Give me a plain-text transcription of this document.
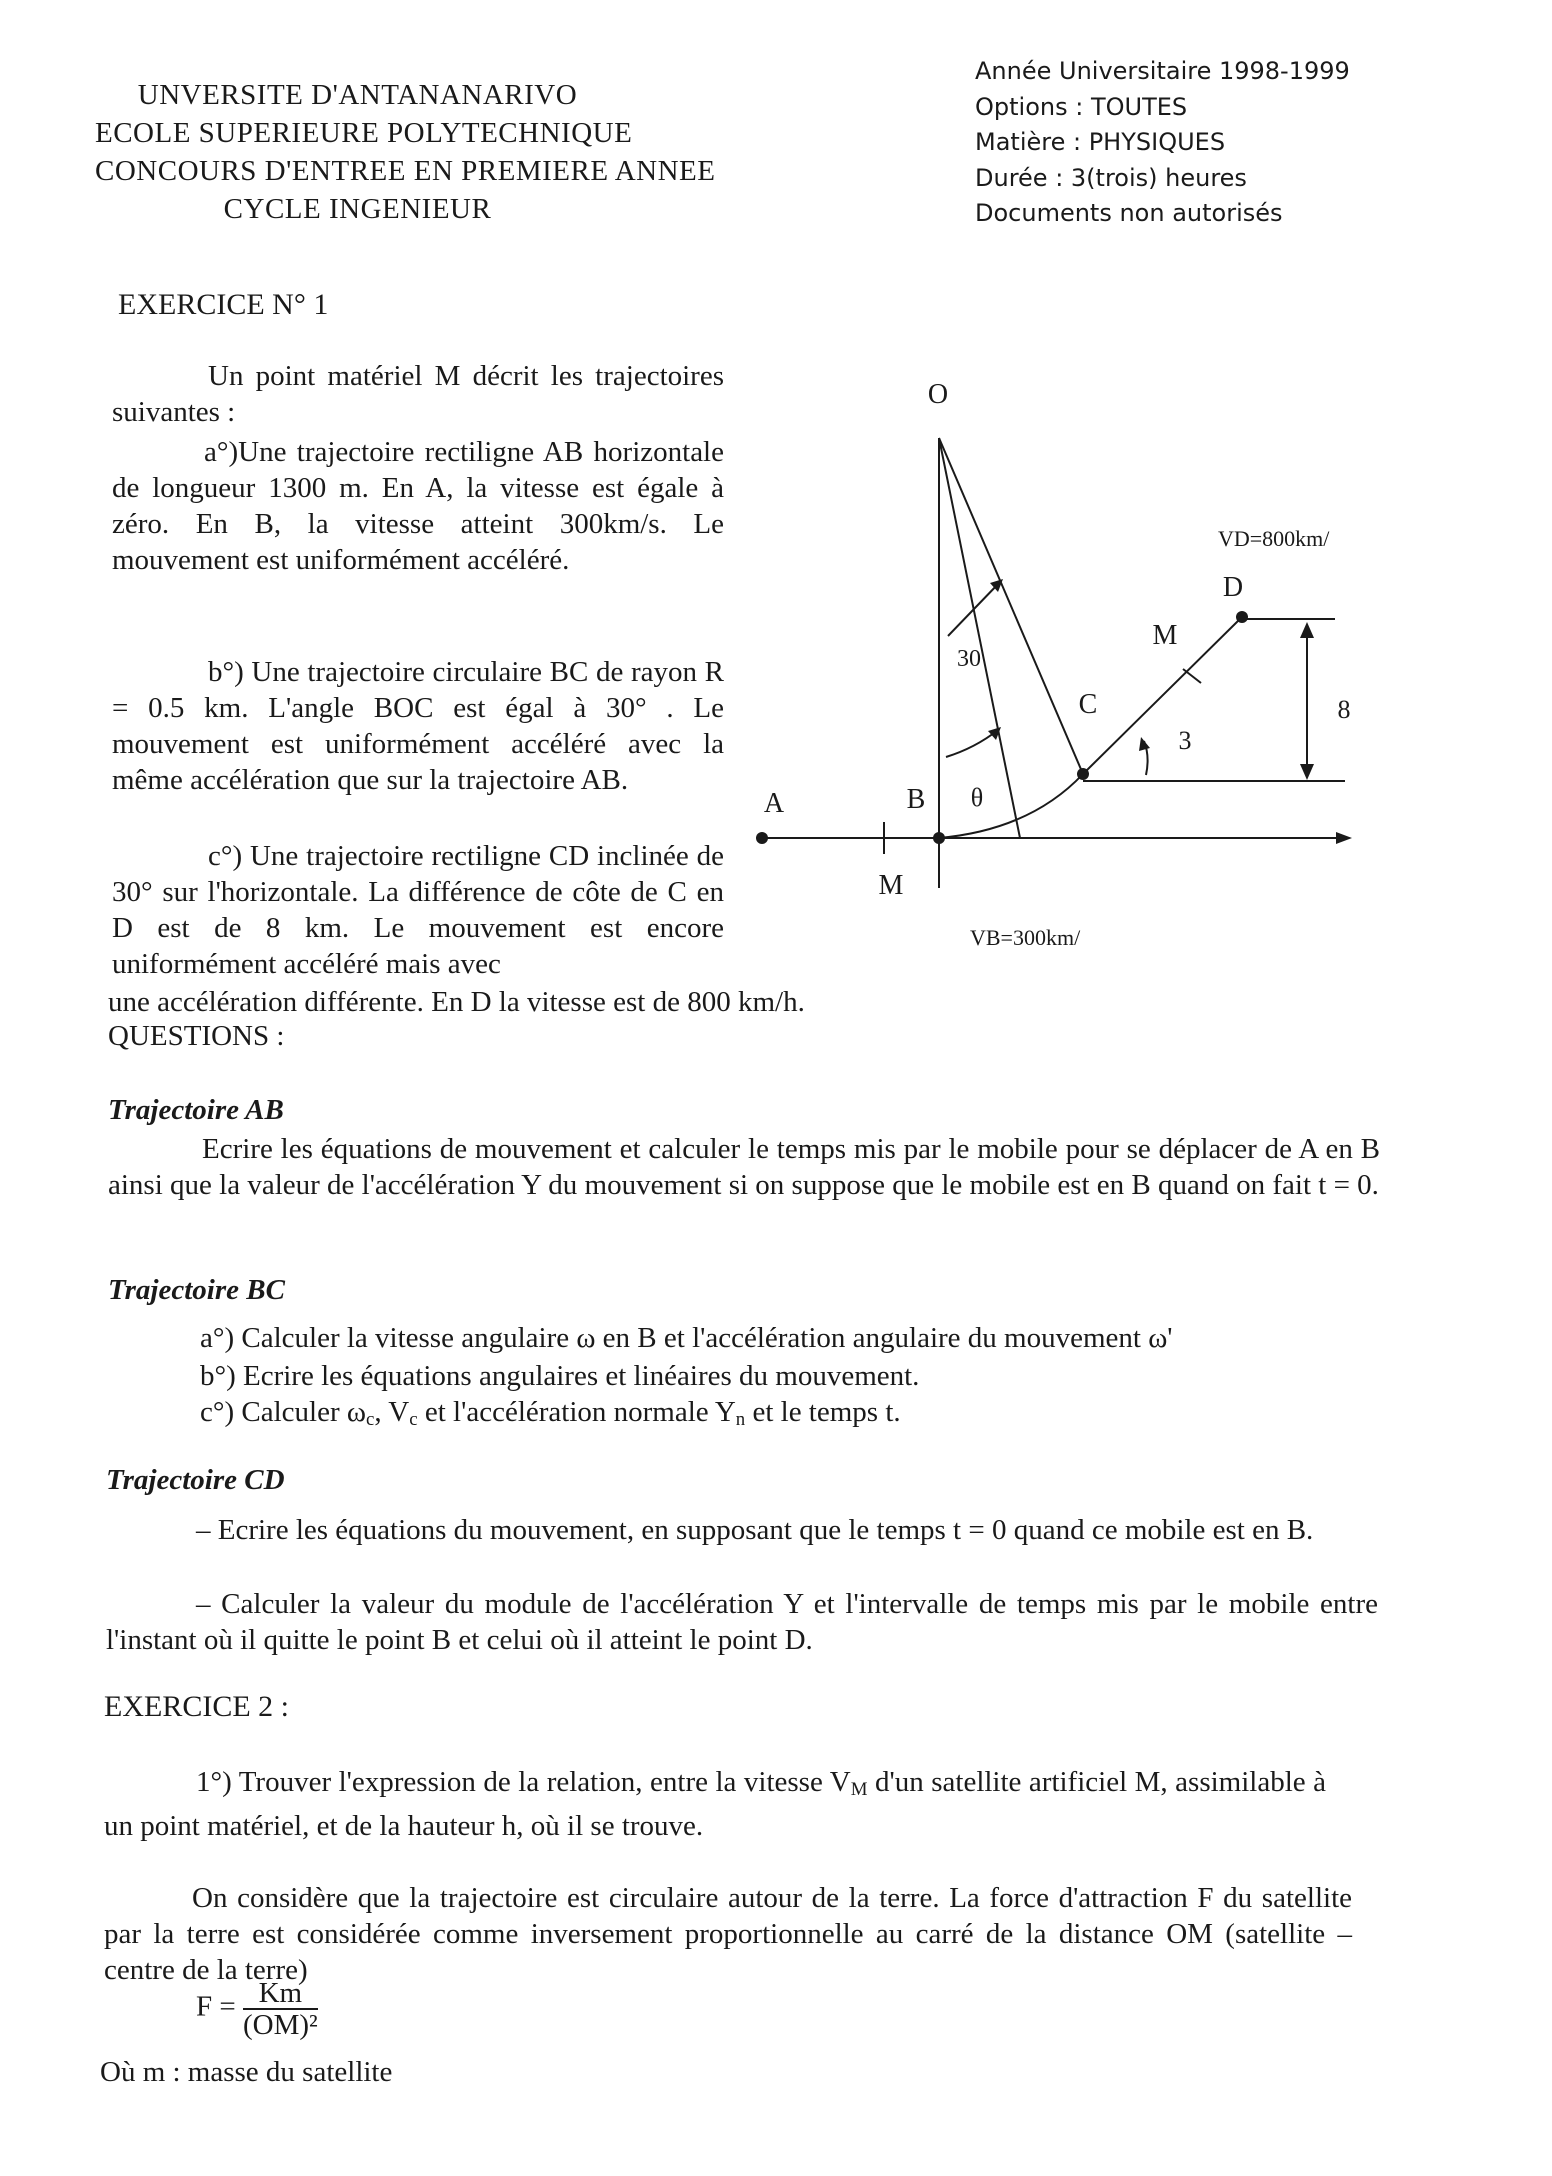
UNVERSITE D'ANTANANARIVO
ECOLE SUPERIEURE POLYTECHNIQUE
CONCOURS D'ENTREE EN PREMIERE ANNEE
CYCLE INGENIEUR
Année Universitaire 1998-1999
Options : TOUTES
Matière : PHYSIQUES
Durée : 3(trois) heures
Documents non autorisés
EXERCICE N° 1
Un point matériel M décrit les trajectoires suivantes :
a°)Une trajectoire rectiligne AB horizontale de longueur 1300 m. En A, la vitesse est égale à zéro. En B, la vitesse atteint 300km/s. Le mouvement est uniformément accéléré.
b°) Une trajectoire circulaire BC de rayon R = 0.5 km. L'angle BOC est égal à 30° . Le mouvement est uniformément accéléré avec la même accélération que sur la trajectoire AB.
c°) Une trajectoire rectiligne CD inclinée de 30° sur l'horizontale. La différence de côte de C en D est de 8 km. Le mouvement est encore uniformément accéléré mais avec
une accélération différente. En D la vitesse est de 800 km/h.
QUESTIONS :
O
A	B
C
D
M
M
θ
30
3
8
VD=800km/
VB=300km/
Trajectoire AB
Ecrire les équations de mouvement et calculer le temps mis par le mobile pour se déplacer de A en B ainsi que la valeur de l'accélération Y du mouvement si on suppose que le mobile est en B quand on fait t = 0.
Trajectoire BC
a°) Calculer la vitesse angulaire ω en B et l'accélération angulaire du mouvement ω'
b°) Ecrire les équations angulaires et linéaires du mouvement.
c°) Calculer $\omega_c$, $V_c$ et l'accélération normale $Y_n$ et le temps t.
Trajectoire CD
– Ecrire les équations du mouvement, en supposant que le temps t = 0 quand ce mobile est en B.
– Calculer la valeur du module de l'accélération Y et l'intervalle de temps mis par le mobile entre l'instant où il quitte le point B et celui où il atteint le point D.
EXERCICE 2 :
1°) Trouver l'expression de la relation, entre la vitesse $V_M$ d'un satellite artificiel M, assimilable à un point matériel, et de la hauteur h, où il se trouve.
On considère que la trajectoire est circulaire autour de la terre. La force d'attraction F du satellite par la terre est considérée comme inversement proportionnelle au carré de la distance OM (satellite – centre de la terre)
$F = \frac{Km}{\text{(OM)²}}$
Où m : masse du satellite
